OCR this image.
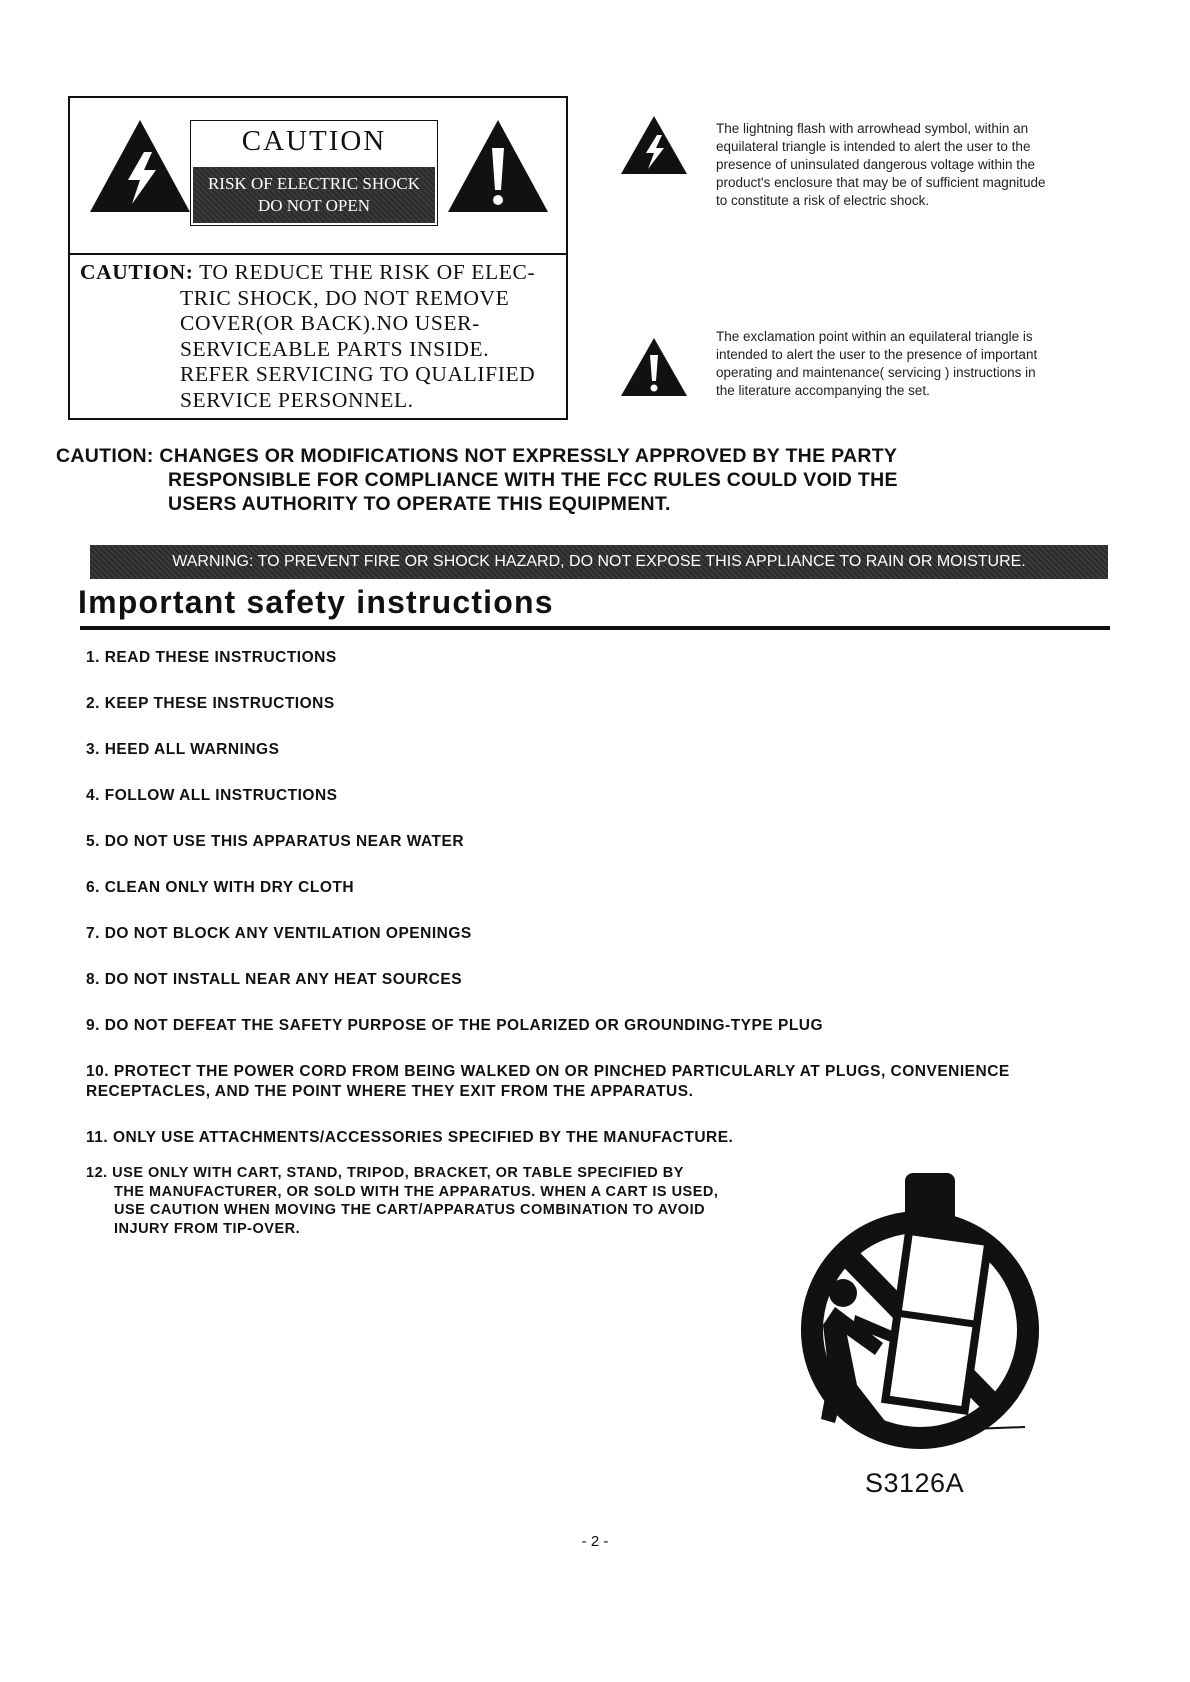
CAUTION
RISK OF ELECTRIC SHOCK
DO NOT OPEN
CAUTION: TO REDUCE THE RISK OF ELEC-
TRIC SHOCK, DO NOT REMOVE
COVER(OR BACK).NO USER-
SERVICEABLE PARTS INSIDE.
REFER SERVICING TO QUALIFIED
SERVICE PERSONNEL.
The lightning flash with arrowhead symbol, within an
equilateral triangle is intended to alert the user to the
presence of uninsulated dangerous voltage within the
product's enclosure that may be of sufficient magnitude
to constitute a risk of electric shock.
The exclamation point within an equilateral triangle is
intended to alert the user to the presence of important
operating and maintenance( servicing ) instructions in
the literature accompanying the set.
CAUTION: CHANGES OR MODIFICATIONS NOT EXPRESSLY APPROVED BY THE PARTY
RESPONSIBLE FOR COMPLIANCE WITH THE FCC RULES COULD VOID THE
USERS AUTHORITY TO OPERATE THIS EQUIPMENT.
WARNING: TO PREVENT FIRE OR SHOCK HAZARD, DO NOT EXPOSE THIS APPLIANCE TO RAIN OR MOISTURE.
Important safety instructions
1. READ THESE INSTRUCTIONS
2. KEEP THESE INSTRUCTIONS
3. HEED ALL WARNINGS
4. FOLLOW ALL INSTRUCTIONS
5. DO NOT USE THIS APPARATUS NEAR WATER
6. CLEAN ONLY WITH DRY CLOTH
7. DO NOT BLOCK ANY VENTILATION OPENINGS
8. DO NOT INSTALL NEAR ANY HEAT SOURCES
9. DO NOT DEFEAT THE SAFETY PURPOSE OF THE POLARIZED OR GROUNDING-TYPE PLUG
10. PROTECT THE POWER CORD FROM BEING WALKED ON OR PINCHED PARTICULARLY AT PLUGS, CONVENIENCE
RECEPTACLES, AND THE POINT WHERE THEY EXIT FROM THE APPARATUS.
11. ONLY USE ATTACHMENTS/ACCESSORIES SPECIFIED BY THE MANUFACTURE.
12. USE ONLY WITH CART, STAND, TRIPOD, BRACKET, OR TABLE SPECIFIED BY
THE MANUFACTURER, OR SOLD WITH THE APPARATUS. WHEN A CART IS USED,
USE CAUTION WHEN MOVING THE CART/APPARATUS COMBINATION TO AVOID
INJURY FROM TIP-OVER.
S3126A
- 2 -
